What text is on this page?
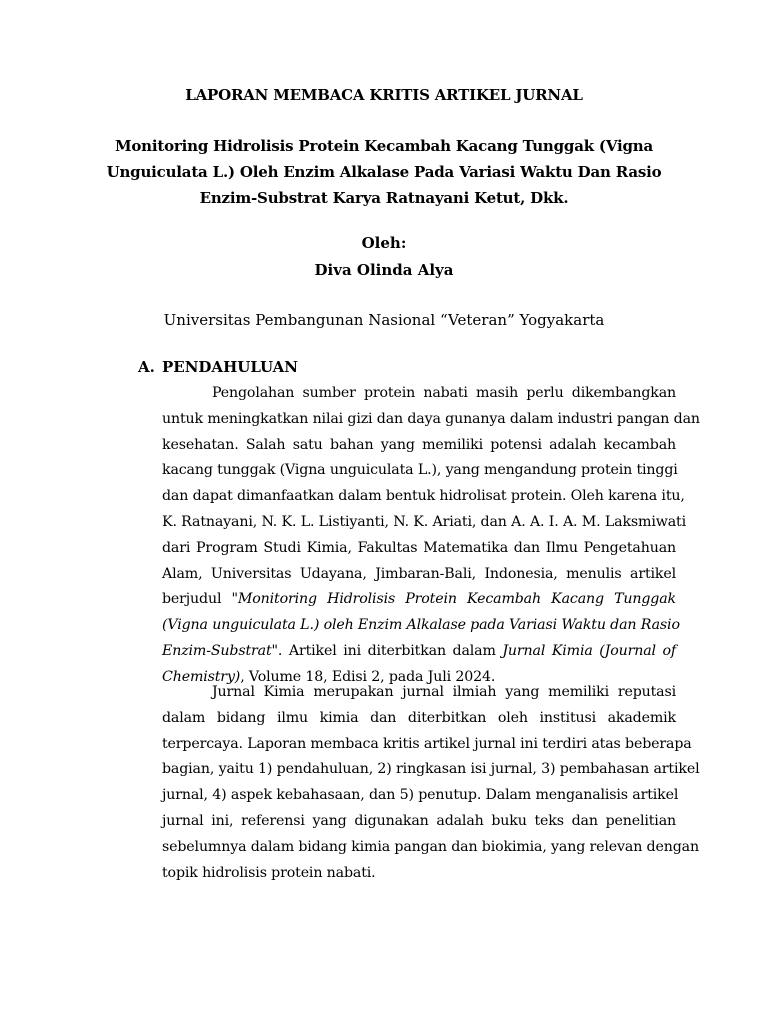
LAPORAN MEMBACA KRITIS ARTIKEL JURNAL
Monitoring Hidrolisis Protein Kecambah Kacang Tunggak (Vigna
Unguiculata L.) Oleh Enzim Alkalase Pada Variasi Waktu Dan Rasio
Enzim-Substrat Karya Ratnayani Ketut, Dkk.
Oleh:
Diva Olinda Alya
Universitas Pembangunan Nasional “Veteran” Yogyakarta
A. PENDAHULUAN
Pengolahan sumber protein nabati masih perlu dikembangkan
untuk meningkatkan nilai gizi dan daya gunanya dalam industri pangan dan
kesehatan. Salah satu bahan yang memiliki potensi adalah kecambah
kacang tunggak (Vigna unguiculata L.), yang mengandung protein tinggi
dan dapat dimanfaatkan dalam bentuk hidrolisat protein. Oleh karena itu,
K. Ratnayani, N. K. L. Listiyanti, N. K. Ariati, dan A. A. I. A. M. Laksmiwati
dari Program Studi Kimia, Fakultas Matematika dan Ilmu Pengetahuan
Alam, Universitas Udayana, Jimbaran-Bali, Indonesia, menulis artikel
berjudul "Monitoring Hidrolisis Protein Kecambah Kacang Tunggak
(Vigna unguiculata L.) oleh Enzim Alkalase pada Variasi Waktu dan Rasio
Enzim-Substrat". Artikel ini diterbitkan dalam Jurnal Kimia (Journal of
Chemistry), Volume 18, Edisi 2, pada Juli 2024.
Jurnal Kimia merupakan jurnal ilmiah yang memiliki reputasi
dalam bidang ilmu kimia dan diterbitkan oleh institusi akademik
terpercaya. Laporan membaca kritis artikel jurnal ini terdiri atas beberapa
bagian, yaitu 1) pendahuluan, 2) ringkasan isi jurnal, 3) pembahasan artikel
jurnal, 4) aspek kebahasaan, dan 5) penutup. Dalam menganalisis artikel
jurnal ini, referensi yang digunakan adalah buku teks dan penelitian
sebelumnya dalam bidang kimia pangan dan biokimia, yang relevan dengan
topik hidrolisis protein nabati.
